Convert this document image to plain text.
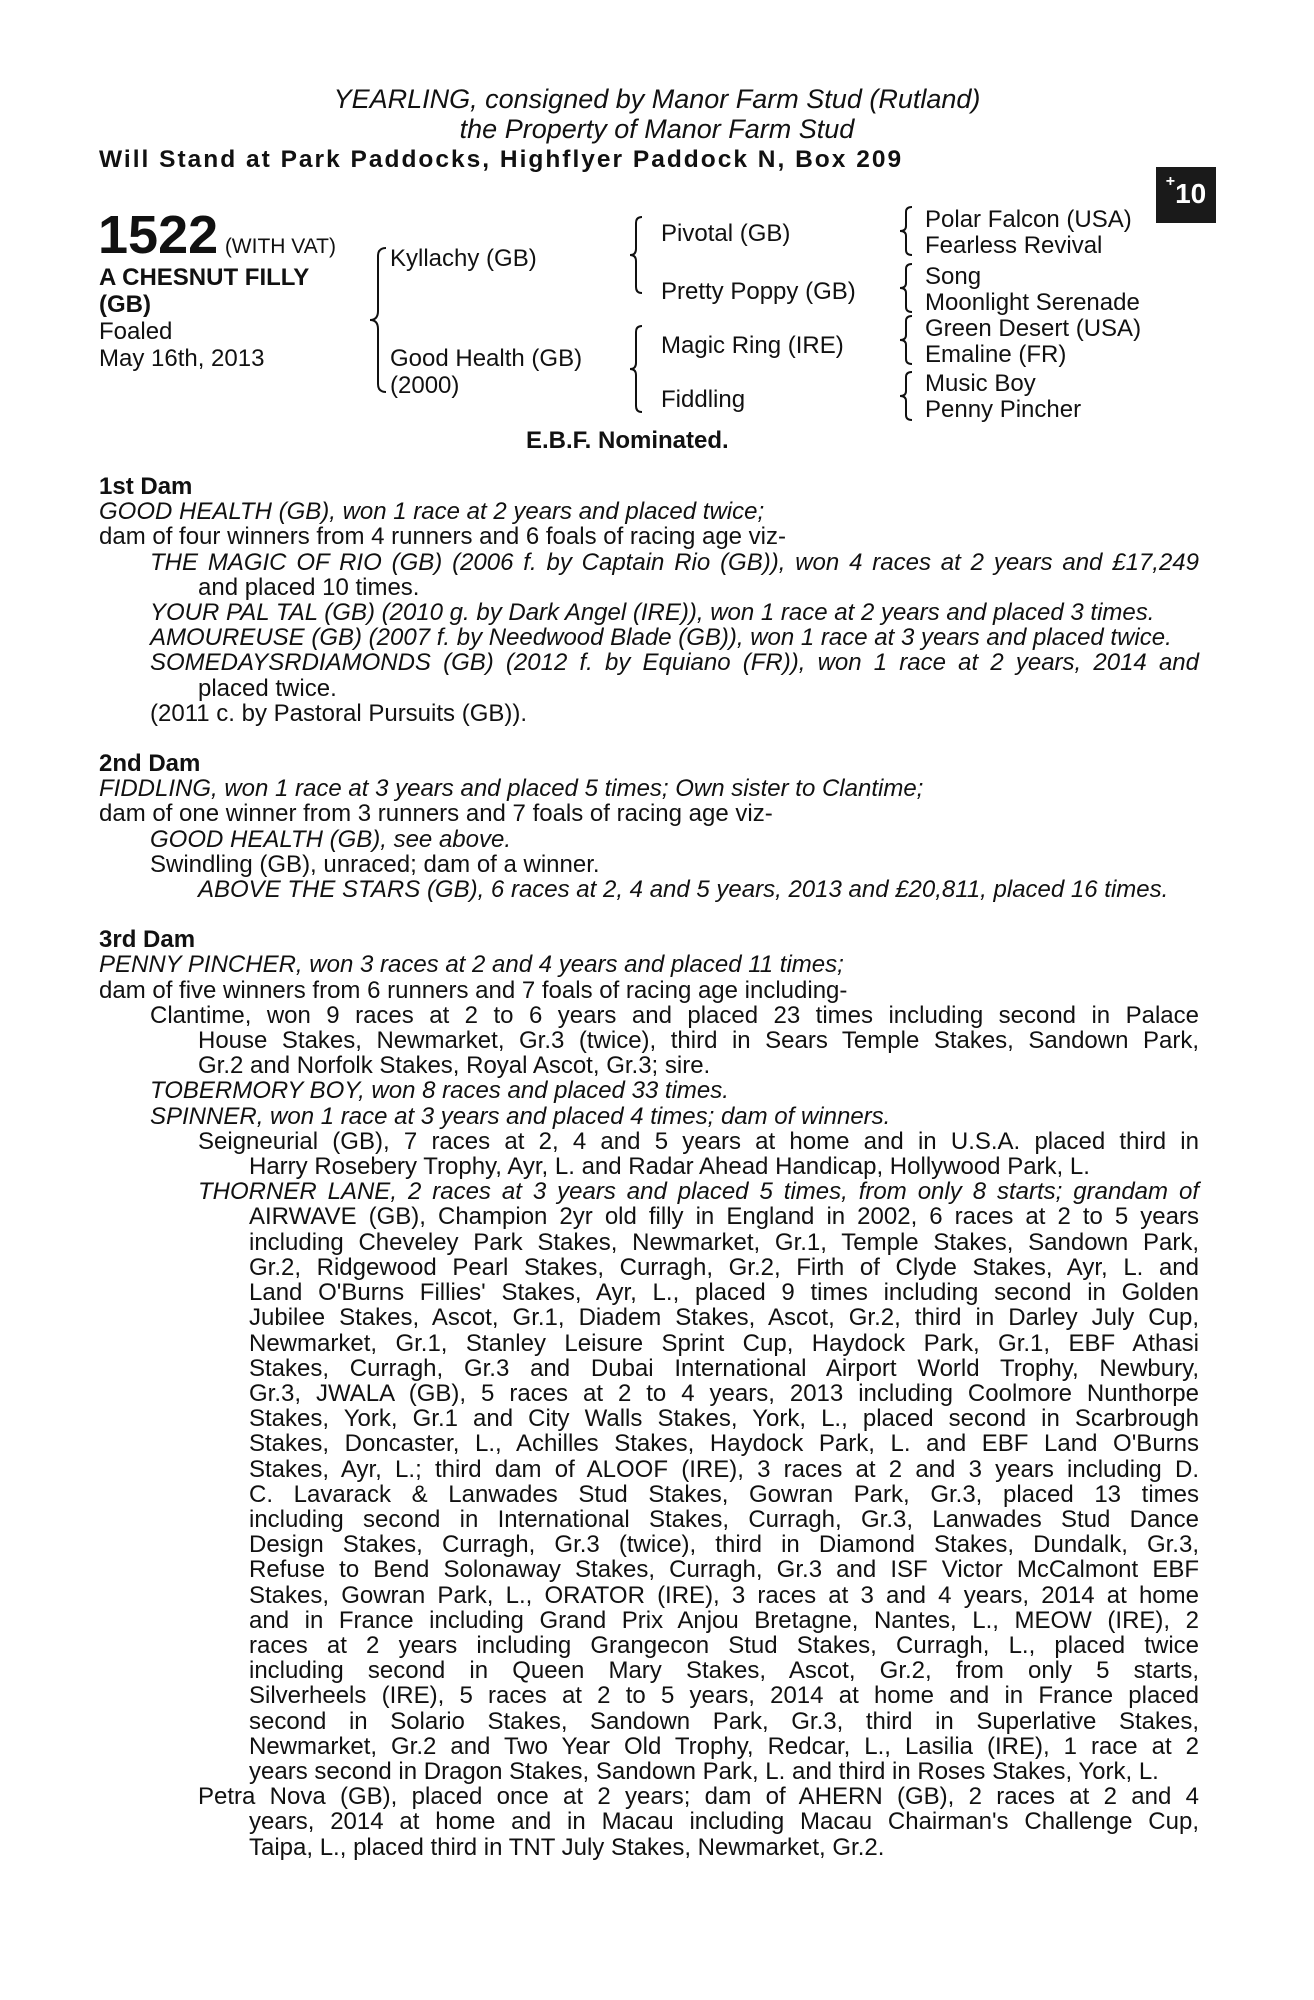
YEARLING, consigned by Manor Farm Stud (Rutland)
the Property of Manor Farm Stud
Will Stand at Park Paddocks, Highflyer Paddock N, Box 209
+ 10
1522 (WITH VAT)
A CHESNUT FILLY
(GB)
Foaled
May 16th, 2013
Kyllachy (GB)
Good Health (GB)
(2000)
Pivotal (GB)
Pretty Poppy (GB)
Magic Ring (IRE)
Fiddling
Polar Falcon (USA)
Fearless Revival
Song
Moonlight Serenade
Green Desert (USA)
Emaline (FR)
Music Boy
Penny Pincher
E.B.F. Nominated.
1st Dam
GOOD HEALTH (GB), won 1 race at 2 years and placed twice;
dam of four winners from 4 runners and 6 foals of racing age viz-
THE MAGIC OF RIO (GB) (2006 f. by Captain Rio (GB)), won 4 races at 2 years and £17,249
and placed 10 times.
YOUR PAL TAL (GB) (2010 g. by Dark Angel (IRE)), won 1 race at 2 years and placed 3 times.
AMOUREUSE (GB) (2007 f. by Needwood Blade (GB)), won 1 race at 3 years and placed twice.
SOMEDAYSRDIAMONDS (GB) (2012 f. by Equiano (FR)), won 1 race at 2 years, 2014 and
placed twice.
(2011 c. by Pastoral Pursuits (GB)).
2nd Dam
FIDDLING, won 1 race at 3 years and placed 5 times; Own sister to Clantime;
dam of one winner from 3 runners and 7 foals of racing age viz-
GOOD HEALTH (GB), see above.
Swindling (GB), unraced; dam of a winner.
ABOVE THE STARS (GB), 6 races at 2, 4 and 5 years, 2013 and £20,811, placed 16 times.
3rd Dam
PENNY PINCHER, won 3 races at 2 and 4 years and placed 11 times;
dam of five winners from 6 runners and 7 foals of racing age including-
Clantime, won 9 races at 2 to 6 years and placed 23 times including second in Palace
House Stakes, Newmarket, Gr.3 (twice), third in Sears Temple Stakes, Sandown Park,
Gr.2 and Norfolk Stakes, Royal Ascot, Gr.3; sire.
TOBERMORY BOY, won 8 races and placed 33 times.
SPINNER, won 1 race at 3 years and placed 4 times; dam of winners.
Seigneurial (GB), 7 races at 2, 4 and 5 years at home and in U.S.A. placed third in
Harry Rosebery Trophy, Ayr, L. and Radar Ahead Handicap, Hollywood Park, L.
THORNER LANE, 2 races at 3 years and placed 5 times, from only 8 starts; grandam of
AIRWAVE (GB), Champion 2yr old filly in England in 2002, 6 races at 2 to 5 years
including Cheveley Park Stakes, Newmarket, Gr.1, Temple Stakes, Sandown Park,
Gr.2, Ridgewood Pearl Stakes, Curragh, Gr.2, Firth of Clyde Stakes, Ayr, L. and
Land O'Burns Fillies' Stakes, Ayr, L., placed 9 times including second in Golden
Jubilee Stakes, Ascot, Gr.1, Diadem Stakes, Ascot, Gr.2, third in Darley July Cup,
Newmarket, Gr.1, Stanley Leisure Sprint Cup, Haydock Park, Gr.1, EBF Athasi
Stakes, Curragh, Gr.3 and Dubai International Airport World Trophy, Newbury,
Gr.3, JWALA (GB), 5 races at 2 to 4 years, 2013 including Coolmore Nunthorpe
Stakes, York, Gr.1 and City Walls Stakes, York, L., placed second in Scarbrough
Stakes, Doncaster, L., Achilles Stakes, Haydock Park, L. and EBF Land O'Burns
Stakes, Ayr, L.; third dam of ALOOF (IRE), 3 races at 2 and 3 years including D.
C. Lavarack & Lanwades Stud Stakes, Gowran Park, Gr.3, placed 13 times
including second in International Stakes, Curragh, Gr.3, Lanwades Stud Dance
Design Stakes, Curragh, Gr.3 (twice), third in Diamond Stakes, Dundalk, Gr.3,
Refuse to Bend Solonaway Stakes, Curragh, Gr.3 and ISF Victor McCalmont EBF
Stakes, Gowran Park, L., ORATOR (IRE), 3 races at 3 and 4 years, 2014 at home
and in France including Grand Prix Anjou Bretagne, Nantes, L., MEOW (IRE), 2
races at 2 years including Grangecon Stud Stakes, Curragh, L., placed twice
including second in Queen Mary Stakes, Ascot, Gr.2, from only 5 starts,
Silverheels (IRE), 5 races at 2 to 5 years, 2014 at home and in France placed
second in Solario Stakes, Sandown Park, Gr.3, third in Superlative Stakes,
Newmarket, Gr.2 and Two Year Old Trophy, Redcar, L., Lasilia (IRE), 1 race at 2
years second in Dragon Stakes, Sandown Park, L. and third in Roses Stakes, York, L.
Petra Nova (GB), placed once at 2 years; dam of AHERN (GB), 2 races at 2 and 4
years, 2014 at home and in Macau including Macau Chairman's Challenge Cup,
Taipa, L., placed third in TNT July Stakes, Newmarket, Gr.2.
